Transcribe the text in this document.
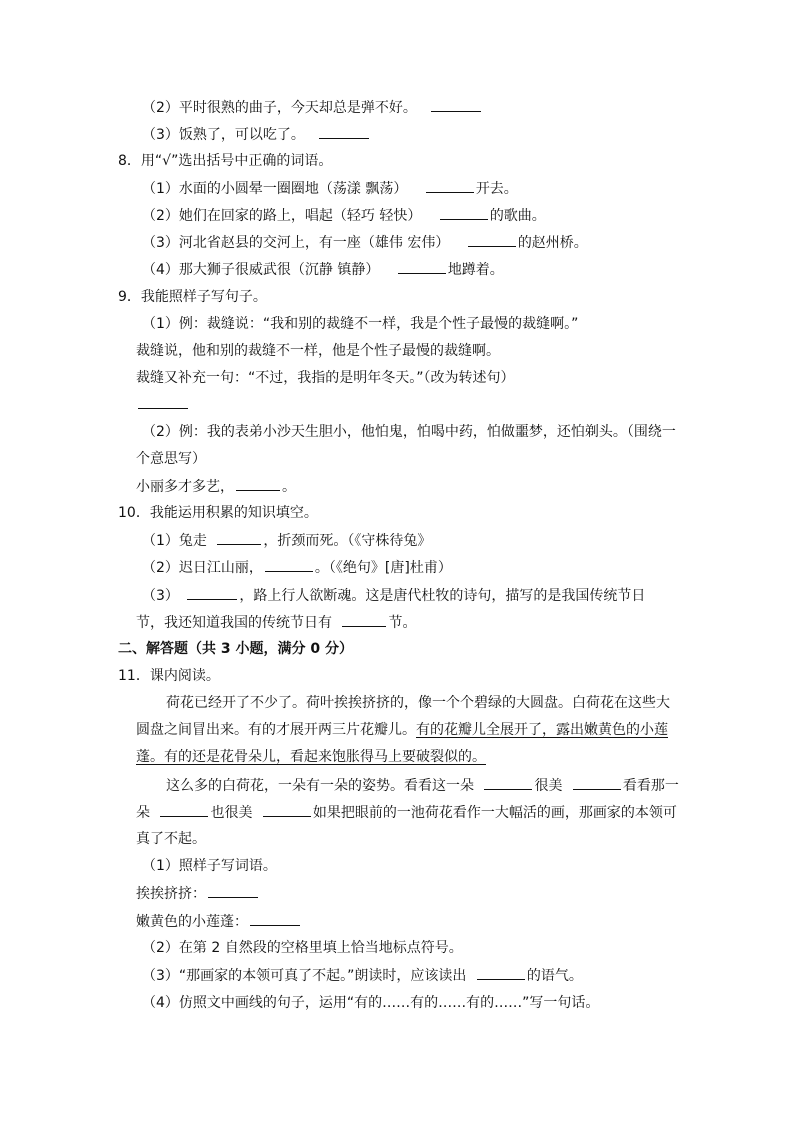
（2）平时很熟的曲子，今天却总是弹不好。
（3）饭熟了，可以吃了。
8．用“√”选出括号中正确的词语。
（1）水面的小圆晕一圈圈地（荡漾 飘荡）	开去。
（2）她们在回家的路上，唱起（轻巧 轻快）	的歌曲。
（3）河北省赵县的交河上，有一座（雄伟 宏伟）	的赵州桥。
（4）那大狮子很威武很（沉静 镇静）	地蹲着。
9．我能照样子写句子。
（1）例：裁缝说：“我和别的裁缝不一样，我是个性子最慢的裁缝啊。”
裁缝说，他和别的裁缝不一样，他是个性子最慢的裁缝啊。
裁缝又补充一句：“不过，我指的是明年冬天。”（改为转述句）
（2）例：我的表弟小沙天生胆小，他怕鬼，怕喝中药，怕做噩梦，还怕剃头。（围绕一
个意思写）
小丽多才多艺，	。
10．我能运用积累的知识填空。
（1）兔走	，折颈而死。（《守株待兔》
（2）迟日江山丽，	。（《绝句》[唐]杜甫）
（3）	，路上行人欲断魂。这是唐代杜牧的诗句，描写的是我国传统节日
节，我还知道我国的传统节日有	节。
二、解答题（共 3 小题，满分 0 分）
11．课内阅读。
荷花已经开了不少了。荷叶挨挨挤挤的，像一个个碧绿的大圆盘。白荷花在这些大
圆盘之间冒出来。有的才展开两三片花瓣儿。有的花瓣儿全展开了，露出嫩黄色的小莲
蓬。有的还是花骨朵儿，看起来饱胀得马上要破裂似的。
这么多的白荷花，一朵有一朵的姿势。看看这一朵	很美	看看那一
朵	也很美	如果把眼前的一池荷花看作一大幅活的画，那画家的本领可
真了不起。
（1）照样子写词语。
挨挨挤挤：
嫩黄色的小莲蓬：
（2）在第 2 自然段的空格里填上恰当地标点符号。
（3）“那画家的本领可真了不起。”朗读时，应该读出	的语气。
（4）仿照文中画线的句子，运用“有的……有的……有的……”写一句话。
